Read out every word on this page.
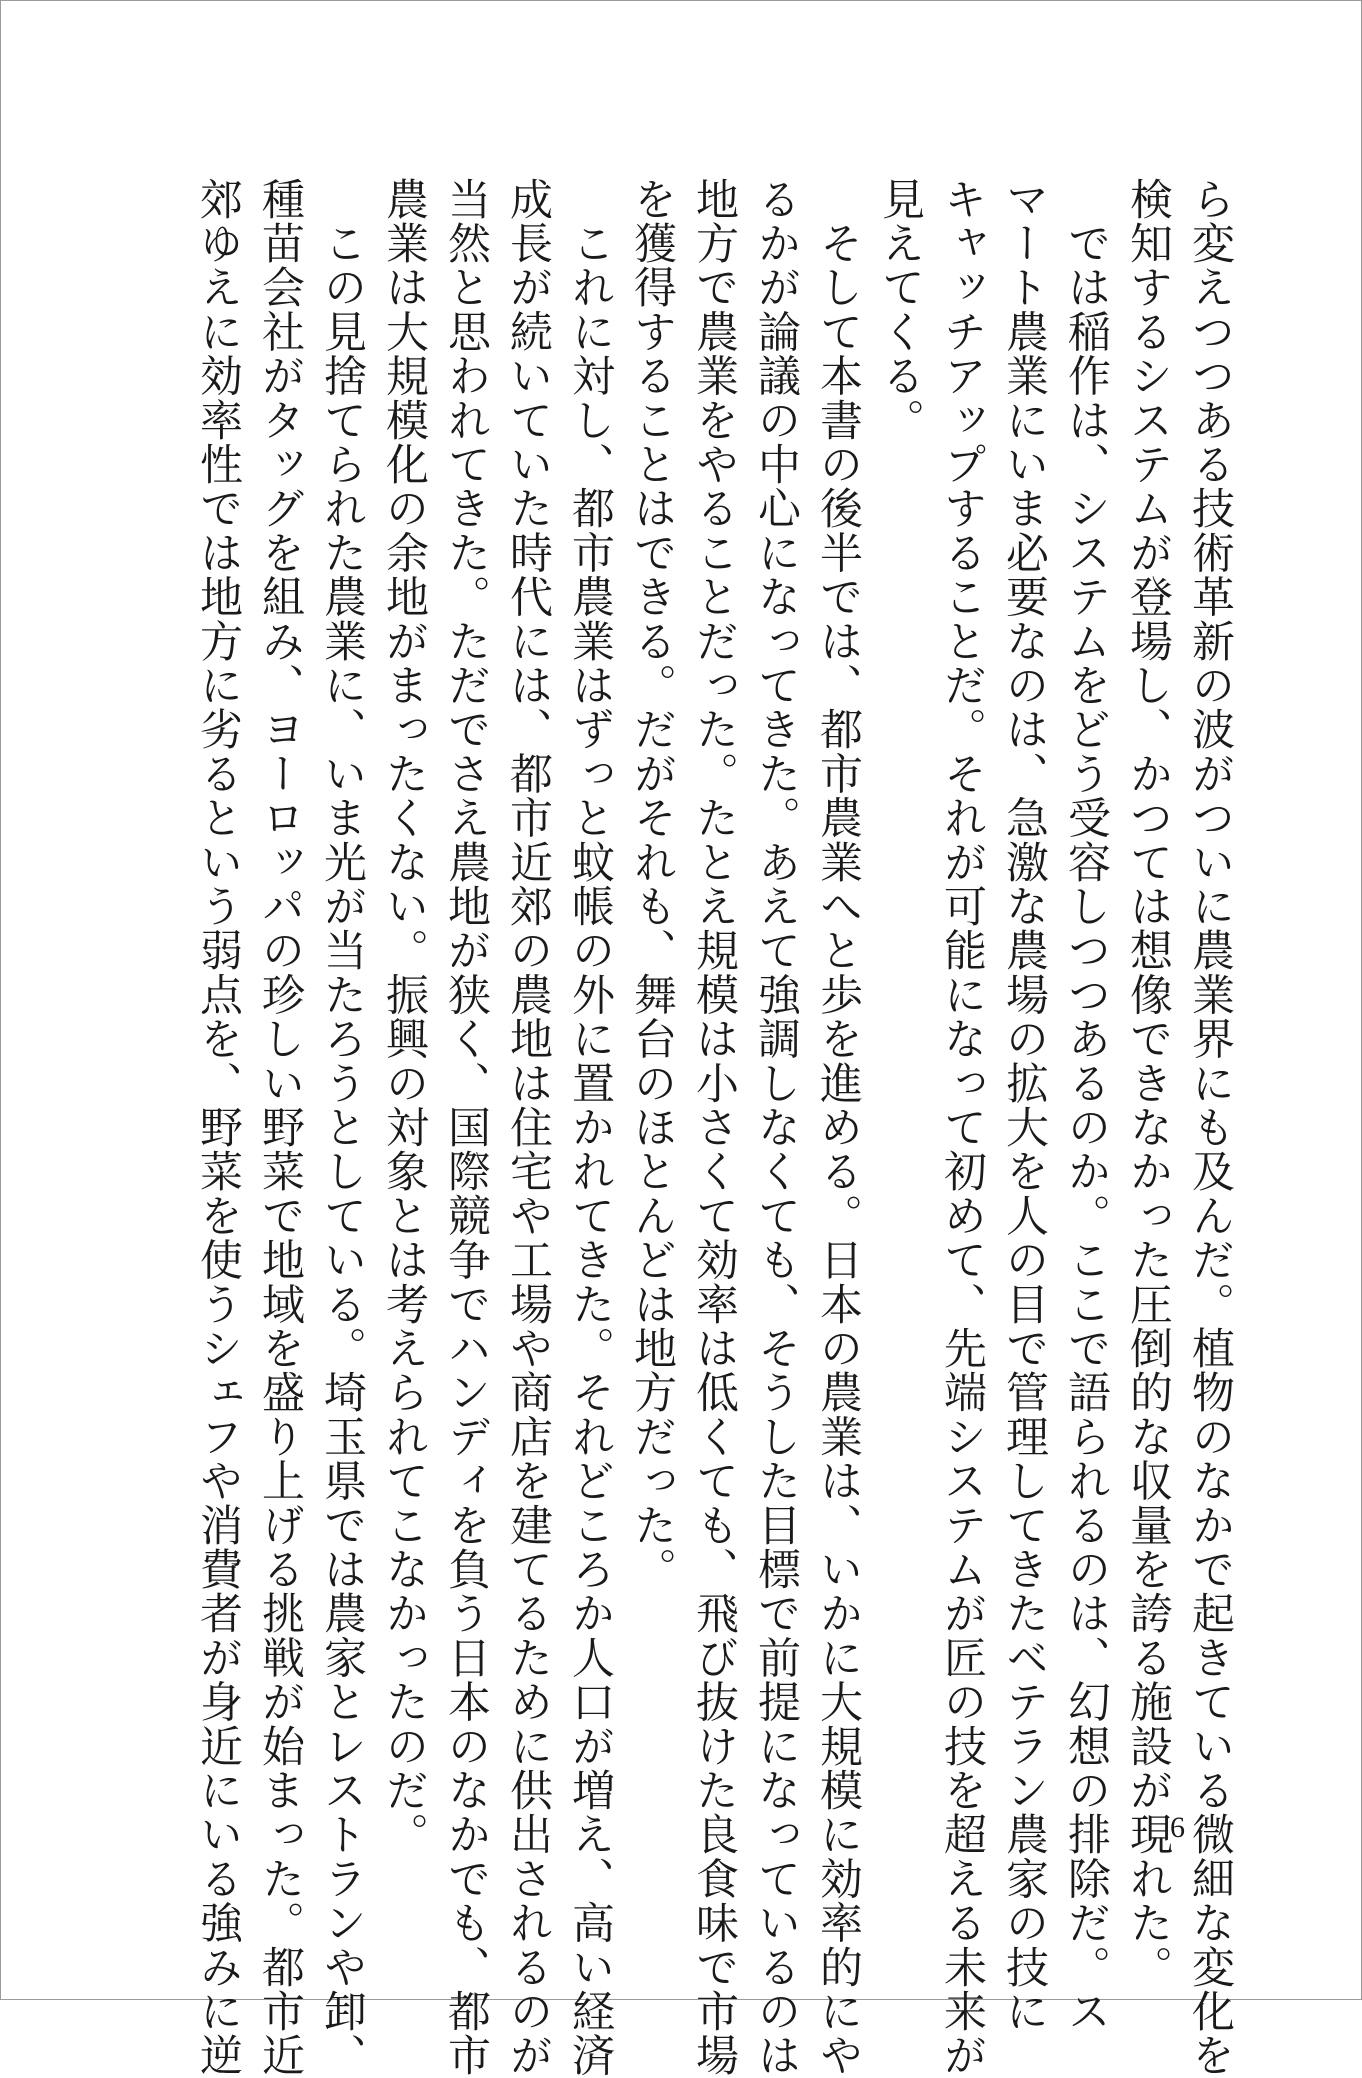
ら変えつつある技術革新の波がついに農業界にも及んだ。植物のなかで起きている微細な変化を

検知するシステムが登場し、かつては想像できなかった圧倒的な収量を誇る施設が現れた。

　では稲作は、システムをどう受容しつつあるのか。ここで語られるのは、幻想の排除だ。ス

マート農業にいま必要なのは、急激な農場の拡大を人の目で管理してきたベテラン農家の技に

キャッチアップすることだ。それが可能になって初めて、先端システムが匠の技を超える未来が

見えてくる。

　そして本書の後半では、都市農業へと歩を進める。日本の農業は、いかに大規模に効率的にや

るかが論議の中心になってきた。あえて強調しなくても、そうした目標で前提になっているのは

地方で農業をやることだった。たとえ規模は小さくて効率は低くても、飛び抜けた良食味で市場

を獲得することはできる。だがそれも、舞台のほとんどは地方だった。

　これに対し、都市農業はずっと蚊帳の外に置かれてきた。それどころか人口が増え、高い経済

成長が続いていた時代には、都市近郊の農地は住宅や工場や商店を建てるために供出されるのが

当然と思われてきた。ただでさえ農地が狭く、国際競争でハンディを負う日本のなかでも、都市

農業は大規模化の余地がまったくない。振興の対象とは考えられてこなかったのだ。

　この見捨てられた農業に、いま光が当たろうとしている。埼玉県では農家とレストランや卸、

種苗会社がタッグを組み、ヨーロッパの珍しい野菜で地域を盛り上げる挑戦が始まった。都市近

郊ゆえに効率性では地方に劣るという弱点を、野菜を使うシェフや消費者が身近にいる強みに逆	6
